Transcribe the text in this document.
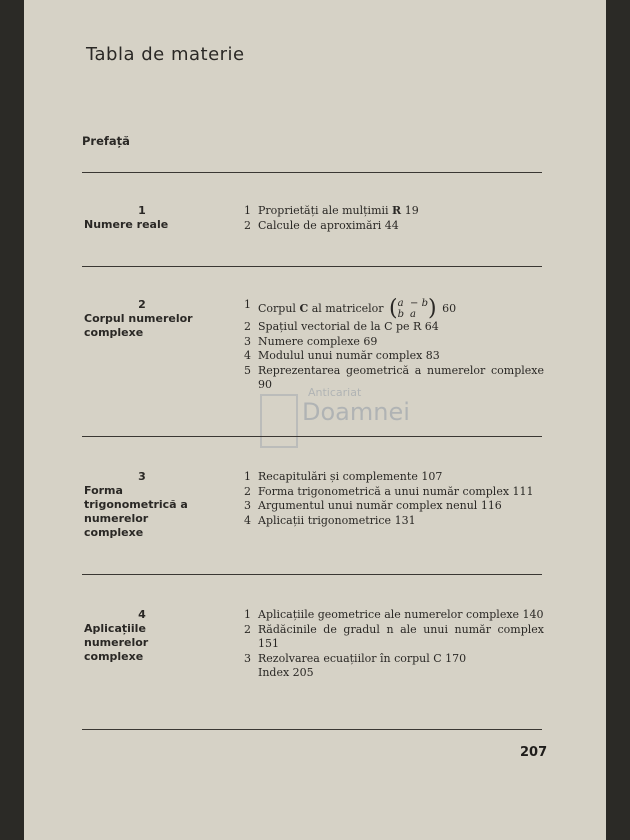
Tabla de materie
Prefață
1
Numere reale
1 Proprietăți ale mulțimii R 19
2 Calcule de aproximări 44
2
Corpul numerelor complexe
1 Corpul C al matricelor ( a − b
b a ) 60
2 Spațiul vectorial de la C pe R 64
3 Numere complexe 69
4 Modulul unui număr complex 83
5 Reprezentarea geometrică a numerelor complexe 90
Anticariat
Doamnei
3
Forma trigonometrică a numerelor complexe
1 Recapitulări și complemente 107
2 Forma trigonometrică a unui număr complex 111
3 Argumentul unui număr complex nenul 116
4 Aplicații trigonometrice 131
4
Aplicațiile numerelor complexe
1 Aplicațiile geometrice ale numerelor complexe 140
2 Rădăcinile de gradul n ale unui număr complex 151
3 Rezolvarea ecuațiilor în corpul C 170
Index 205
207
